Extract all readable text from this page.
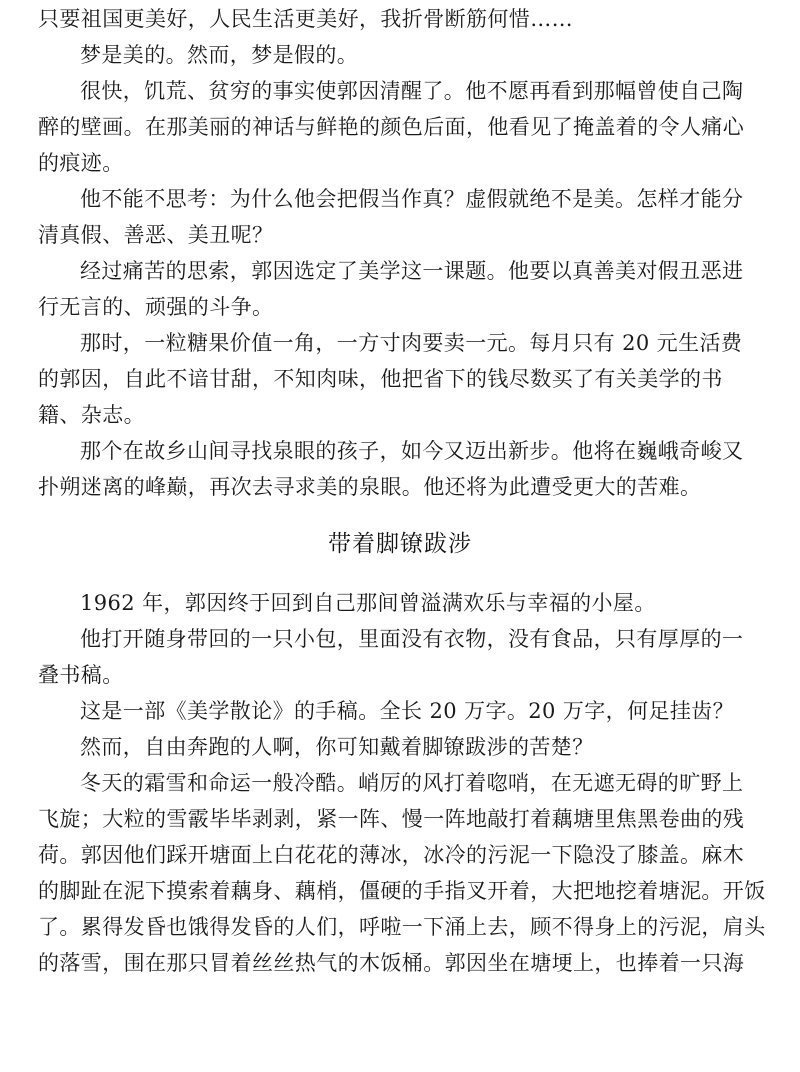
只要祖国更美好，人民生活更美好，我折骨断筋何惜……
梦是美的。然而，梦是假的。
很快，饥荒、贫穷的事实使郭因清醒了。他不愿再看到那幅曾使自己陶
醉的壁画。在那美丽的神话与鲜艳的颜色后面，他看见了掩盖着的令人痛心
的痕迹。
他不能不思考：为什么他会把假当作真？虚假就绝不是美。怎样才能分
清真假、善恶、美丑呢？
经过痛苦的思索，郭因选定了美学这一课题。他要以真善美对假丑恶进
行无言的、顽强的斗争。
那时，一粒糖果价值一角，一方寸肉要卖一元。每月只有 20 元生活费
的郭因，自此不谙甘甜，不知肉味，他把省下的钱尽数买了有关美学的书
籍、杂志。
那个在故乡山间寻找泉眼的孩子，如今又迈出新步。他将在巍峨奇峻又
扑朔迷离的峰巅，再次去寻求美的泉眼。他还将为此遭受更大的苦难。
带着脚镣跋涉
1962 年，郭因终于回到自己那间曾溢满欢乐与幸福的小屋。
他打开随身带回的一只小包，里面没有衣物，没有食品，只有厚厚的一
叠书稿。
这是一部《美学散论》的手稿。全长 20 万字。20 万字，何足挂齿？
然而，自由奔跑的人啊，你可知戴着脚镣跋涉的苦楚？
冬天的霜雪和命运一般冷酷。峭厉的风打着唿哨，在无遮无碍的旷野上
飞旋；大粒的雪霰毕毕剥剥，紧一阵、慢一阵地敲打着藕塘里焦黑卷曲的残
荷。郭因他们踩开塘面上白花花的薄冰，冰冷的污泥一下隐没了膝盖。麻木
的脚趾在泥下摸索着藕身、藕梢，僵硬的手指叉开着，大把地挖着塘泥。开饭
了。累得发昏也饿得发昏的人们，呼啦一下涌上去，顾不得身上的污泥，肩头
的落雪，围在那只冒着丝丝热气的木饭桶。郭因坐在塘埂上，也捧着一只海
